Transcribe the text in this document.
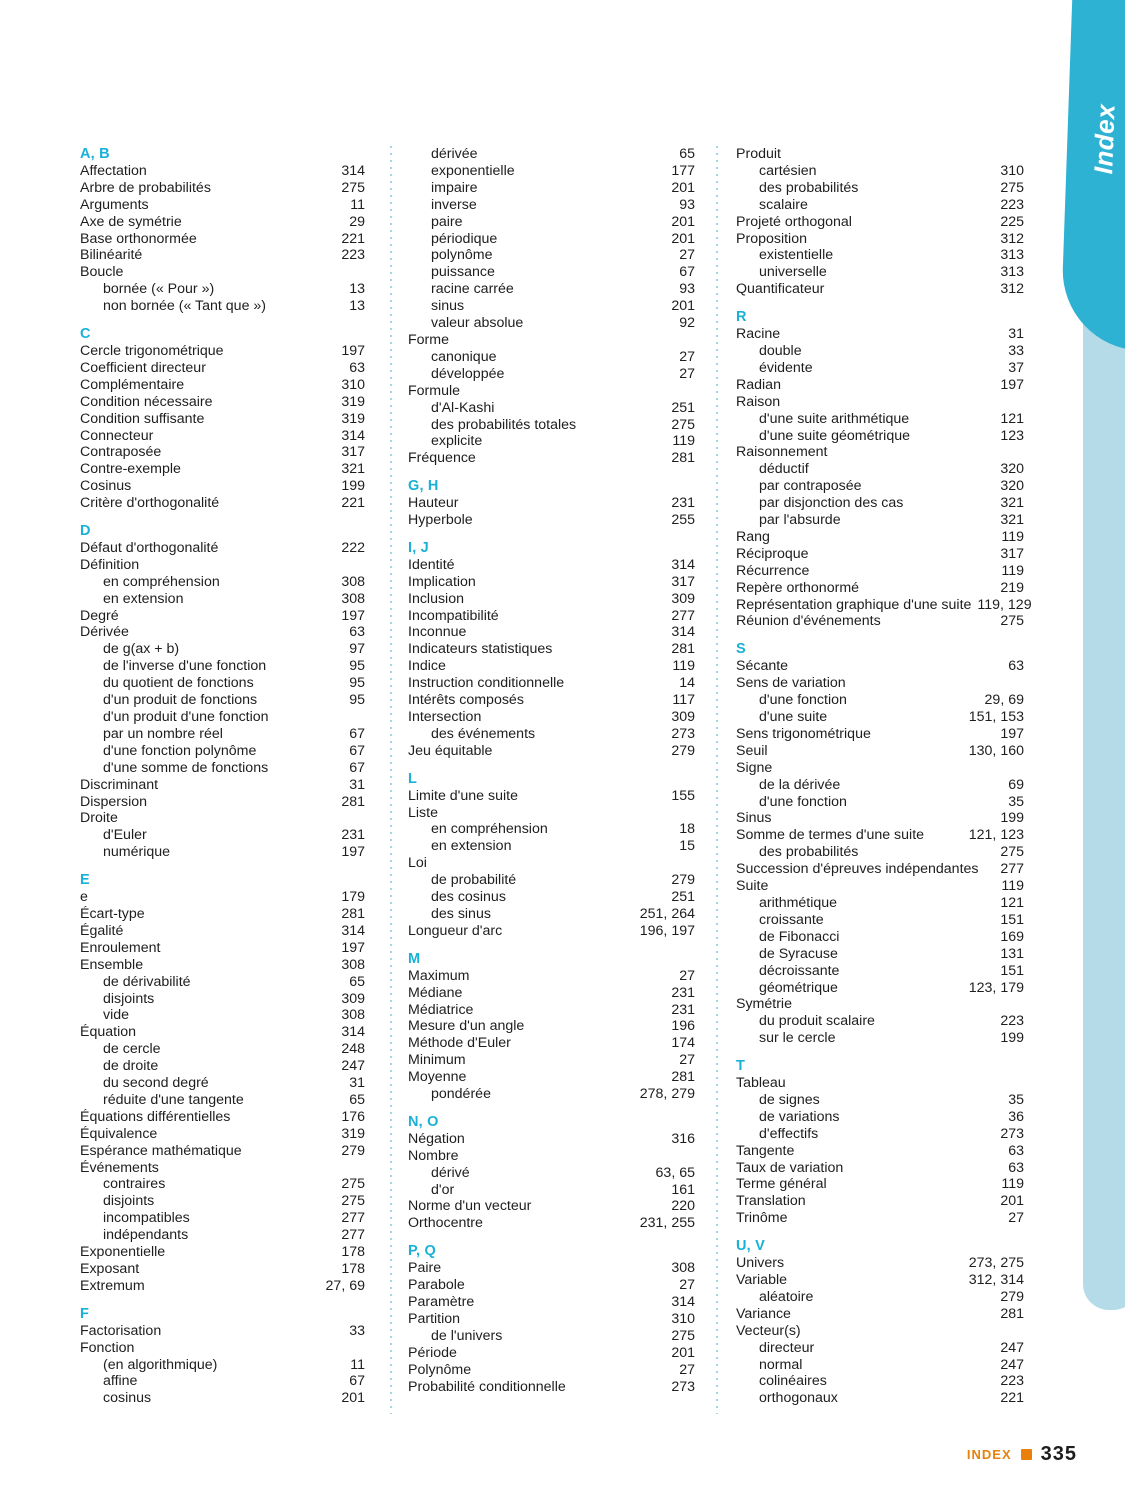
Index
A, B
Affectation	314
Arbre de probabilités	275
Arguments	11
Axe de symétrie	29
Base orthonormée	221
Bilinéarité	223
Boucle
bornée (« Pour »)	13
non bornée (« Tant que »)	13
C
Cercle trigonométrique	197
Coefficient directeur	63
Complémentaire	310
Condition nécessaire	319
Condition suffisante	319
Connecteur	314
Contraposée	317
Contre-exemple	321
Cosinus	199
Critère d'orthogonalité	221
D
Défaut d'orthogonalité	222
Définition
en compréhension	308
en extension	308
Degré	197
Dérivée	63
de g(ax + b)	97
de l'inverse d'une fonction	95
du quotient de fonctions	95
d'un produit de fonctions	95
d'un produit d'une fonction
par un nombre réel	67
d'une fonction polynôme	67
d'une somme de fonctions	67
Discriminant	31
Dispersion	281
Droite
d'Euler	231
numérique	197
E
e	179
Écart-type	281
Égalité	314
Enroulement	197
Ensemble	308
de dérivabilité	65
disjoints	309
vide	308
Équation	314
de cercle	248
de droite	247
du second degré	31
réduite d'une tangente	65
Équations différentielles	176
Équivalence	319
Espérance mathématique	279
Événements
contraires	275
disjoints	275
incompatibles	277
indépendants	277
Exponentielle	178
Exposant	178
Extremum	27, 69
F
Factorisation	33
Fonction
(en algorithmique)	11
affine	67
cosinus	201
dérivée	65
exponentielle	177
impaire	201
inverse	93
paire	201
périodique	201
polynôme	27
puissance	67
racine carrée	93
sinus	201
valeur absolue	92
Forme
canonique	27
développée	27
Formule
d'Al-Kashi	251
des probabilités totales	275
explicite	119
Fréquence	281
G, H
Hauteur	231
Hyperbole	255
I, J
Identité	314
Implication	317
Inclusion	309
Incompatibilité	277
Inconnue	314
Indicateurs statistiques	281
Indice	119
Instruction conditionnelle	14
Intérêts composés	117
Intersection	309
des événements	273
Jeu équitable	279
L
Limite d'une suite	155
Liste
en compréhension	18
en extension	15
Loi
de probabilité	279
des cosinus	251
des sinus	251, 264
Longueur d'arc	196, 197
M
Maximum	27
Médiane	231
Médiatrice	231
Mesure d'un angle	196
Méthode d'Euler	174
Minimum	27
Moyenne	281
pondérée	278, 279
N, O
Négation	316
Nombre
dérivé	63, 65
d'or	161
Norme d'un vecteur	220
Orthocentre	231, 255
P, Q
Paire	308
Parabole	27
Paramètre	314
Partition	310
de l'univers	275
Période	201
Polynôme	27
Probabilité conditionnelle	273
Produit
cartésien	310
des probabilités	275
scalaire	223
Projeté orthogonal	225
Proposition	312
existentielle	313
universelle	313
Quantificateur	312
R
Racine	31
double	33
évidente	37
Radian	197
Raison
d'une suite arithmétique	121
d'une suite géométrique	123
Raisonnement
déductif	320
par contraposée	320
par disjonction des cas	321
par l'absurde	321
Rang	119
Réciproque	317
Récurrence	119
Repère orthonormé	219
Représentation graphique d'une suite 119, 129
Réunion d'événements	275
S
Sécante	63
Sens de variation
d'une fonction	29, 69
d'une suite	151, 153
Sens trigonométrique	197
Seuil	130, 160
Signe
de la dérivée	69
d'une fonction	35
Sinus	199
Somme de termes d'une suite	121, 123
des probabilités	275
Succession d'épreuves indépendantes 277
Suite	119
arithmétique	121
croissante	151
de Fibonacci	169
de Syracuse	131
décroissante	151
géométrique	123, 179
Symétrie
du produit scalaire	223
sur le cercle	199
T
Tableau
de signes	35
de variations	36
d'effectifs	273
Tangente	63
Taux de variation	63
Terme général	119
Translation	201
Trinôme	27
U, V
Univers	273, 275
Variable	312, 314
aléatoire	279
Variance	281
Vecteur(s)
directeur	247
normal	247
colinéaires	223
orthogonaux	221
INDEX 335
